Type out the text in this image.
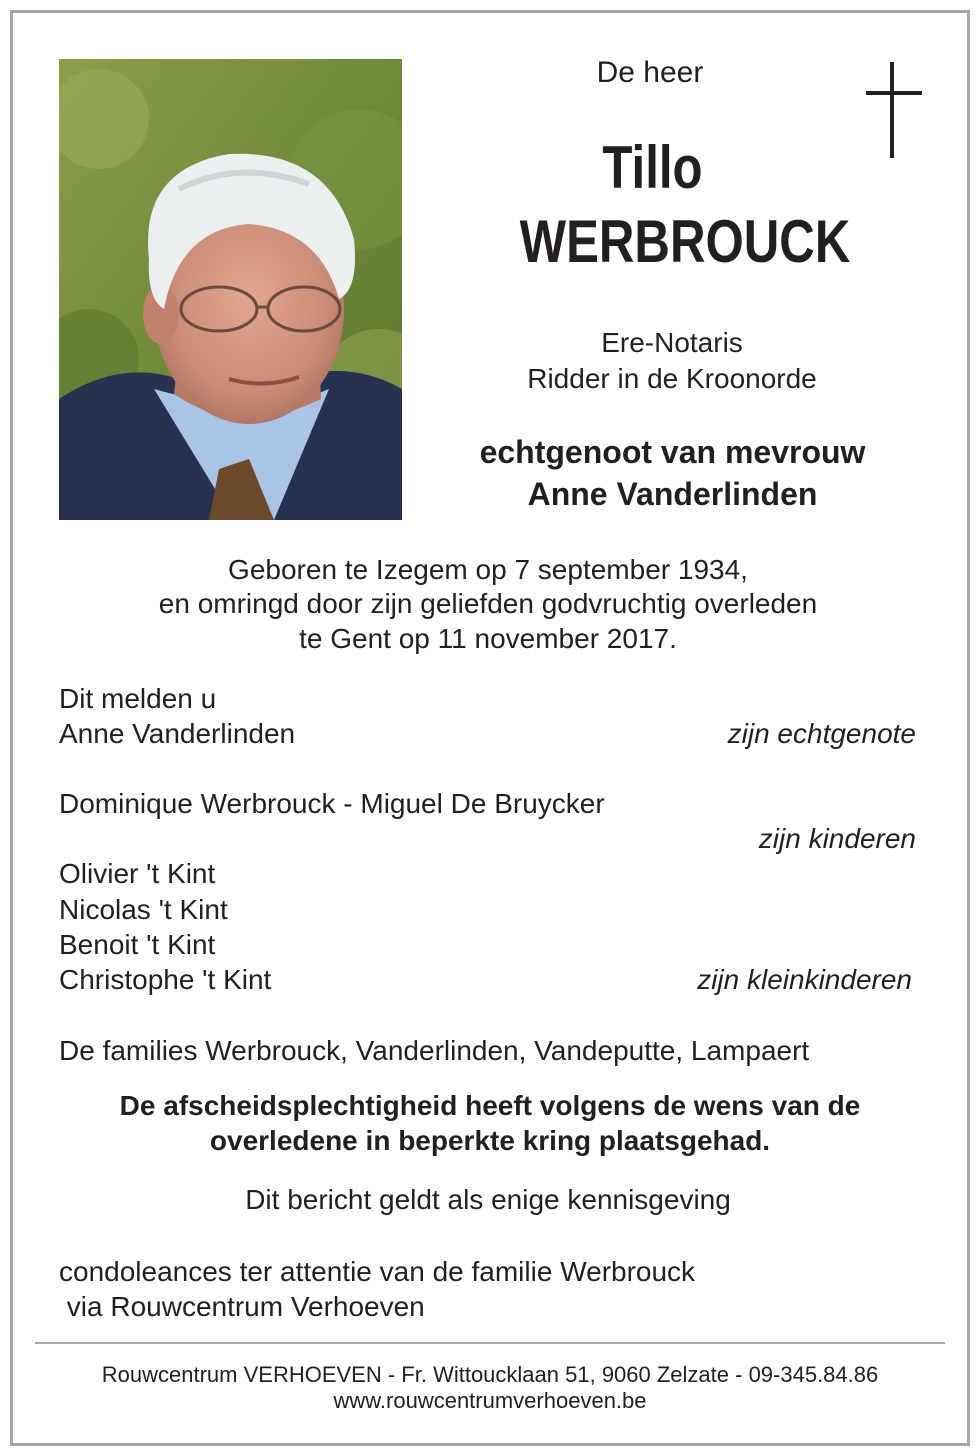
De heer
Tillo
WERBROUCK
Ere-Notaris
Ridder in de Kroonorde
echtgenoot van mevrouw
Anne Vanderlinden
Geboren te Izegem op 7 september 1934,
en omringd door zijn geliefden godvruchtig overleden
te Gent op 11 november 2017.
Dit melden u
Anne Vanderlinden	zijn echtgenote
Dominique Werbrouck - Miguel De Bruycker
zijn kinderen
Olivier 't Kint
Nicolas 't Kint
Benoit 't Kint
Christophe 't Kint	zijn kleinkinderen
De families Werbrouck, Vanderlinden, Vandeputte, Lampaert
De afscheidsplechtigheid heeft volgens de wens van de
overledene in beperkte kring plaatsgehad.
Dit bericht geldt als enige kennisgeving
condoleances ter attentie van de familie Werbrouck
via Rouwcentrum Verhoeven
Rouwcentrum VERHOEVEN - Fr. Wittoucklaan 51, 9060 Zelzate - 09-345.84.86
www.rouwcentrumverhoeven.be
